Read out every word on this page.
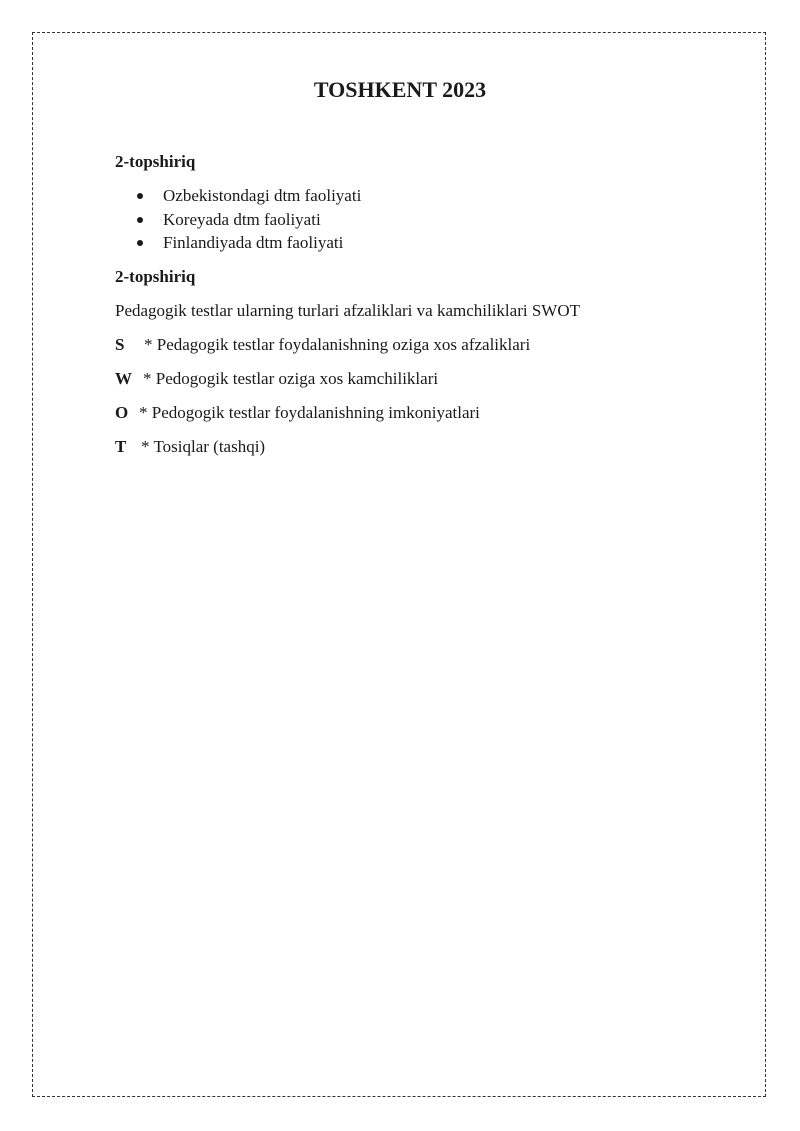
TOSHKENT 2023
2-topshiriq
Ozbekistondagi dtm faoliyati
Koreyada dtm faoliyati
Finlandiyada dtm faoliyati
2-topshiriq

Pedagogik testlar ularning turlari afzaliklari va kamchiliklari SWOT

S * Pedagogik testlar foydalanishning oziga xos afzaliklari
W * Pedogogik testlar oziga xos kamchiliklari
O * Pedogogik testlar foydalanishning imkoniyatlari
T * Tosiqlar (tashqi)
